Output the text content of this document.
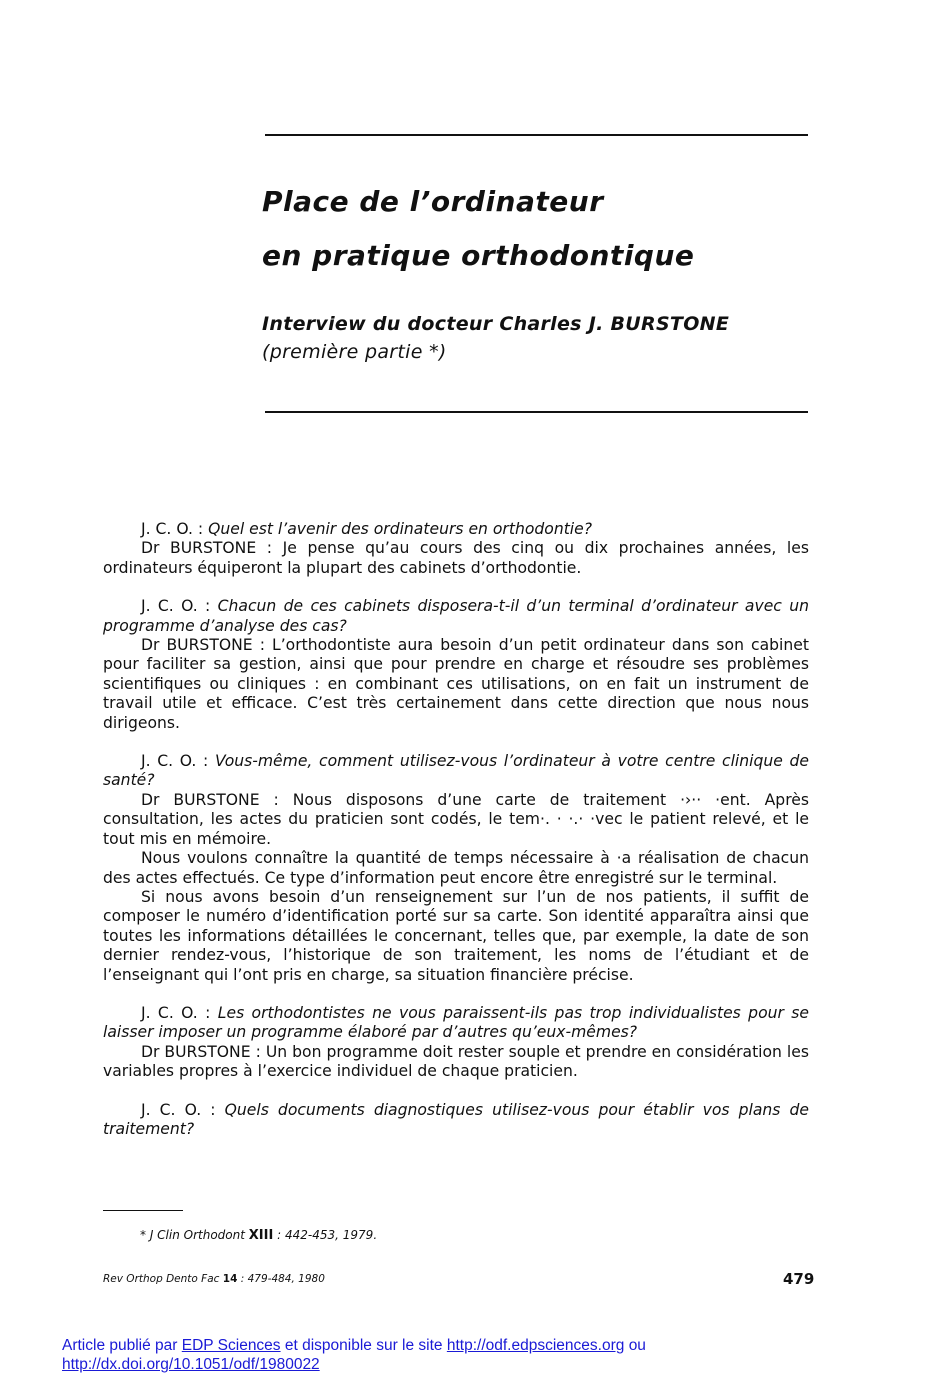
Place de l’ordinateur
en pratique orthodontique
Interview du docteur Charles J. BURSTONE
(première partie *)

J. C. O. : Quel est l’avenir des ordinateurs en orthodontie?

Dr BURSTONE : Je pense qu’au cours des cinq ou dix prochaines années, les ordinateurs équiperont la plupart des cabinets d’orthodontie.

J. C. O. : Chacun de ces cabinets disposera-t-il d’un terminal d’ordinateur avec un programme d’analyse des cas?

Dr BURSTONE : L’orthodontiste aura besoin d’un petit ordinateur dans son cabinet pour faciliter sa gestion, ainsi que pour prendre en charge et résoudre ses problèmes scientifiques ou cliniques : en combinant ces utilisations, on en fait un instrument de travail utile et efficace. C’est très certainement dans cette direction que nous nous dirigeons.

J. C. O. : Vous-même, comment utilisez-vous l’ordinateur à votre centre clinique de santé?

Dr BURSTONE : Nous disposons d’une carte de traitement ·›·· ·ent. Après consultation, les actes du praticien sont codés, le tem·. · ·.· ·vec le patient relevé, et le tout mis en mémoire.

Nous voulons connaître la quantité de temps nécessaire à ·a réalisation de chacun des actes effectués. Ce type d’information peut encore être enregistré sur le terminal.

Si nous avons besoin d’un renseignement sur l’un de nos patients, il suffit de composer le numéro d’identification porté sur sa carte. Son identité apparaîtra ainsi que toutes les informations détaillées le concernant, telles que, par exemple, la date de son dernier rendez-vous, l’historique de son traitement, les noms de l’étudiant et de l’enseignant qui l’ont pris en charge, sa situation financière précise.

J. C. O. : Les orthodontistes ne vous paraissent-ils pas trop individualistes pour se laisser imposer un programme élaboré par d’autres qu’eux-mêmes?

Dr BURSTONE : Un bon programme doit rester souple et prendre en considération les variables propres à l’exercice individuel de chaque praticien.

J. C. O. : Quels documents diagnostiques utilisez-vous pour établir vos plans de traitement?

* J Clin Orthodont XIII : 442-453, 1979.
Rev Orthop Dento Fac 14 : 479-484, 1980	479
Article publié par EDP Sciences et disponible sur le site http://odf.edpsciences.org ou
http://dx.doi.org/10.1051/odf/1980022
